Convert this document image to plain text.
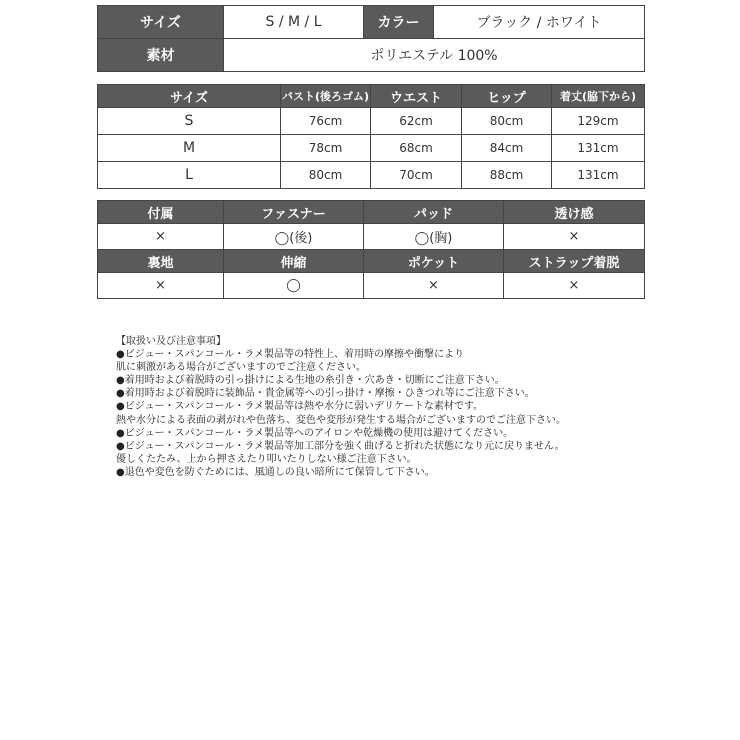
サイズ	S / M / L	カラー	ブラック / ホワイト
素材	ポリエステル 100%		
サイズ	バスト(後ろゴム)	ウエスト	ヒップ	着丈(脇下から)
S	76cm	62cm	80cm	129cm
M	78cm	68cm	84cm	131cm
L	80cm	70cm	88cm	131cm
付属	ファスナー	パッド	透け感
×	◯(後)	◯(胸)	×
裏地	伸縮	ポケット	ストラップ着脱
×	◯	×	×
【取扱い及び注意事項】
●ビジュー・スパンコール・ラメ製品等の特性上、着用時の摩擦や衝撃により
肌に刺激がある場合がございますのでご注意ください。
●着用時および着脱時の引っ掛けによる生地の糸引き・穴あき・切断にご注意下さい。
●着用時および着脱時に装飾品・貴金属等への引っ掛け・摩擦・ひきつれ等にご注意下さい。
●ビジュー・スパンコール・ラメ製品等は熱や水分に弱いデリケートな素材です。
熱や水分による表面の剥がれや色落ち、変色や変形が発生する場合がございますのでご注意下さい。
●ビジュー・スパンコール・ラメ製品等へのアイロンや乾燥機の使用は避けてください。
●ビジュー・スパンコール・ラメ製品等加工部分を強く曲げると折れた状態になり元に戻りません。
優しくたたみ、上から押さえたり叩いたりしない様ご注意下さい。
●退色や変色を防ぐためには、風通しの良い暗所にて保管して下さい。
